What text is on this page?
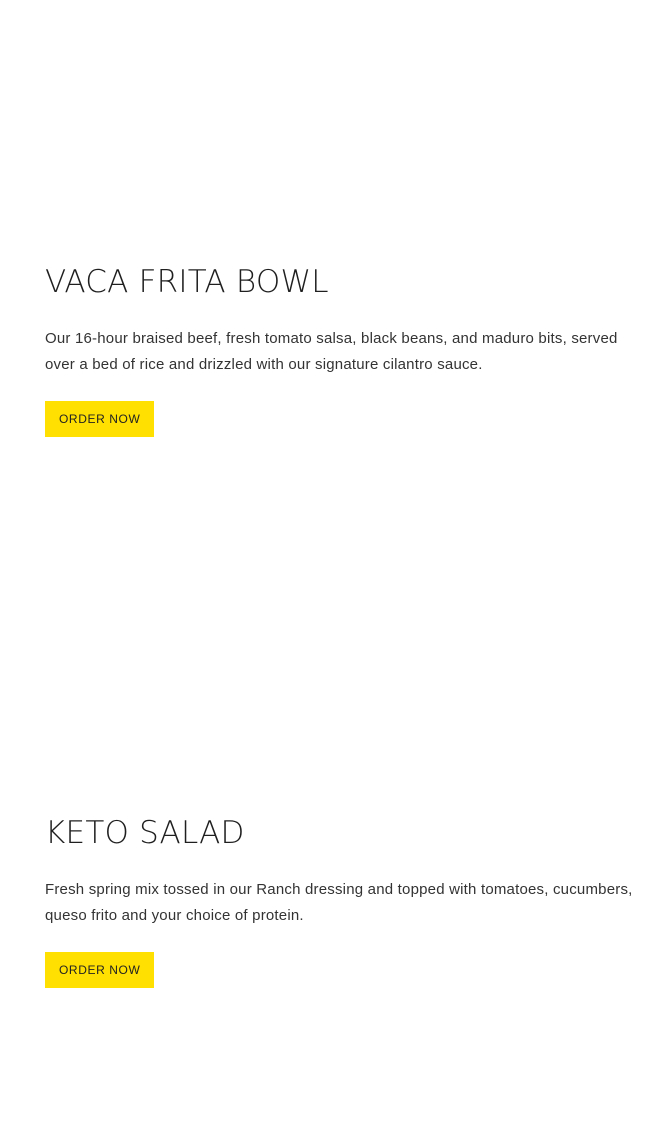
VACA FRITA BOWL

Our 16-hour braised beef, fresh tomato salsa, black beans, and maduro bits, served over a bed of rice and drizzled with our signature cilantro sauce.

ORDER NOW
KETO SALAD

Fresh spring mix tossed in our Ranch dressing and topped with tomatoes, cucumbers, queso frito and your choice of protein.

ORDER NOW
